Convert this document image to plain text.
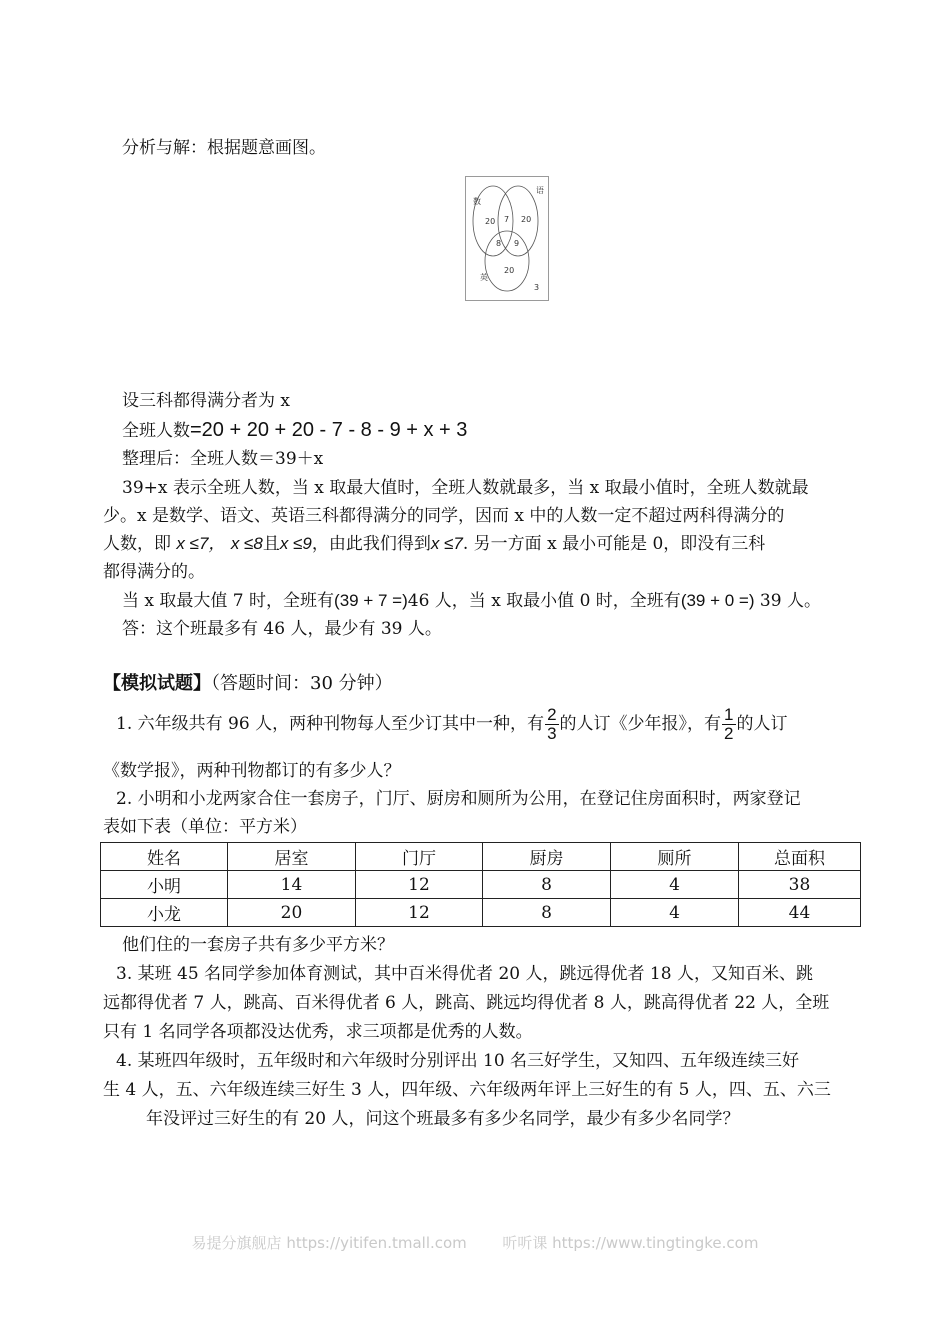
分析与解：根据题意画图。
数
语
英
20 7 20
8 9
20
3
设三科都得满分者为 x
全班人数=20 + 20 + 20 - 7 - 8 - 9 + x + 3
整理后：全班人数＝39＋x
39+x 表示全班人数，当 x 取最大值时，全班人数就最多，当 x 取最小值时，全班人数就最
少。x 是数学、语文、英语三科都得满分的同学，因而 x 中的人数一定不超过两科得满分的
人数，即 x ≤7， x ≤8且x ≤9，由此我们得到x ≤7. 另一方面 x 最小可能是 0，即没有三科
都得满分的。
当 x 取最大值 7 时，全班有(39 + 7 =)46 人，当 x 取最小值 0 时，全班有(39 + 0 =) 39 人。
答：这个班最多有 46 人，最少有 39 人。
【模拟试题】（答题时间：30 分钟）
1. 六年级共有 96 人，两种刊物每人至少订其中一种，有 $\frac{2}{3}$ 的人订《少年报》，有 $\frac{1}{2}$ 的人订
《数学报》，两种刊物都订的有多少人？
2. 小明和小龙两家合住一套房子，门厅、厨房和厕所为公用，在登记住房面积时，两家登记
表如下表（单位：平方米）
姓名	居室	门厅	厨房	厕所	总面积
小明	14	12	8	4	38
小龙	20	12	8	4	44
他们住的一套房子共有多少平方米？
3. 某班 45 名同学参加体育测试，其中百米得优者 20 人，跳远得优者 18 人，又知百米、跳
远都得优者 7 人，跳高、百米得优者 6 人，跳高、跳远均得优者 8 人，跳高得优者 22 人，全班
只有 1 名同学各项都没达优秀，求三项都是优秀的人数。
4. 某班四年级时，五年级时和六年级时分别评出 10 名三好学生，又知四、五年级连续三好
生 4 人，五、六年级连续三好生 3 人，四年级、六年级两年评上三好生的有 5 人，四、五、六三
年没评过三好生的有 20 人，问这个班最多有多少名同学，最少有多少名同学？
易提分旗舰店 https://yitifen.tmall.com 听听课 https://www.tingtingke.com
